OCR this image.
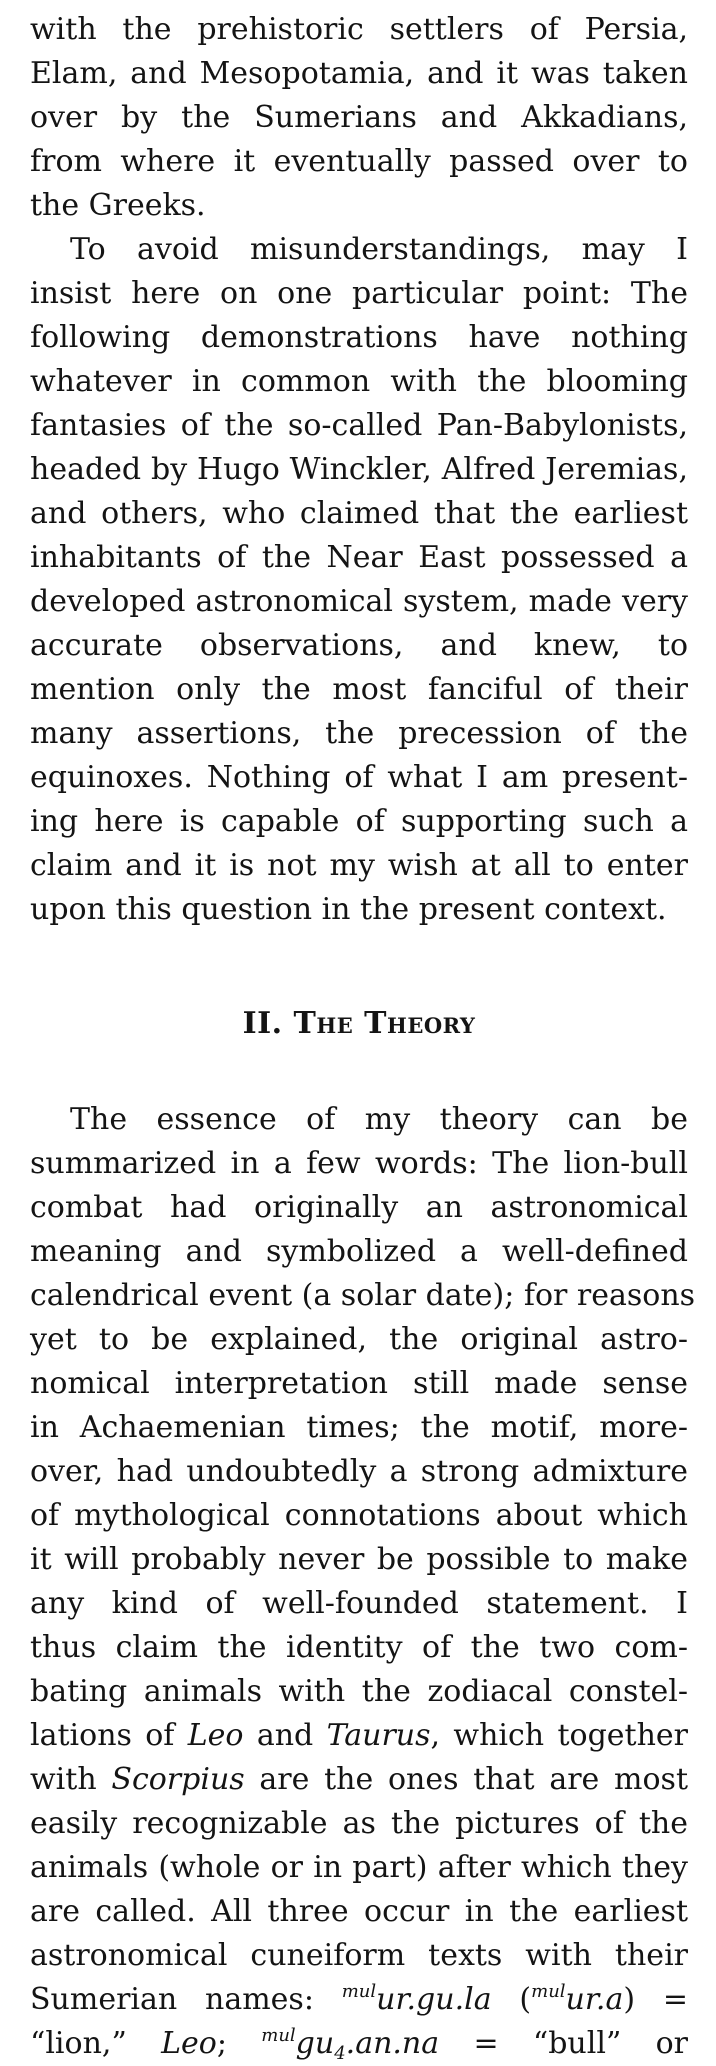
with the prehistoric settlers of Persia,
Elam, and Mesopotamia, and it was taken
over by the Sumerians and Akkadians,
from where it eventually passed over to
the Greeks.

To avoid misunderstandings, may I
insist here on one particular point: The
following demonstrations have nothing
whatever in common with the blooming
fantasies of the so-called Pan-Babylonists,
headed by Hugo Winckler, Alfred Jeremias,
and others, who claimed that the earliest
inhabitants of the Near East possessed a
developed astronomical system, made very
accurate observations, and knew, to
mention only the most fanciful of their
many assertions, the precession of the
equinoxes. Nothing of what I am present-
ing here is capable of supporting such a
claim and it is not my wish at all to enter
upon this question in the present context.

II. The Theory

The essence of my theory can be
summarized in a few words: The lion-bull
combat had originally an astronomical
meaning and symbolized a well-defined
calendrical event (a solar date); for reasons
yet to be explained, the original astro-
nomical interpretation still made sense
in Achaemenian times; the motif, more-
over, had undoubtedly a strong admixture
of mythological connotations about which
it will probably never be possible to make
any kind of well-founded statement. I
thus claim the identity of the two com-
bating animals with the zodiacal constel-
lations of Leo and Taurus, which together
with Scorpius are the ones that are most
easily recognizable as the pictures of the
animals (whole or in part) after which they
are called. All three occur in the earliest
astronomical cuneiform texts with their
Sumerian names: $^{mul}$ur.gu.la ($^{mul}$ur.a) =
“lion,” Leo; $^{mul}gu_4.an.na$ = “bull” or
